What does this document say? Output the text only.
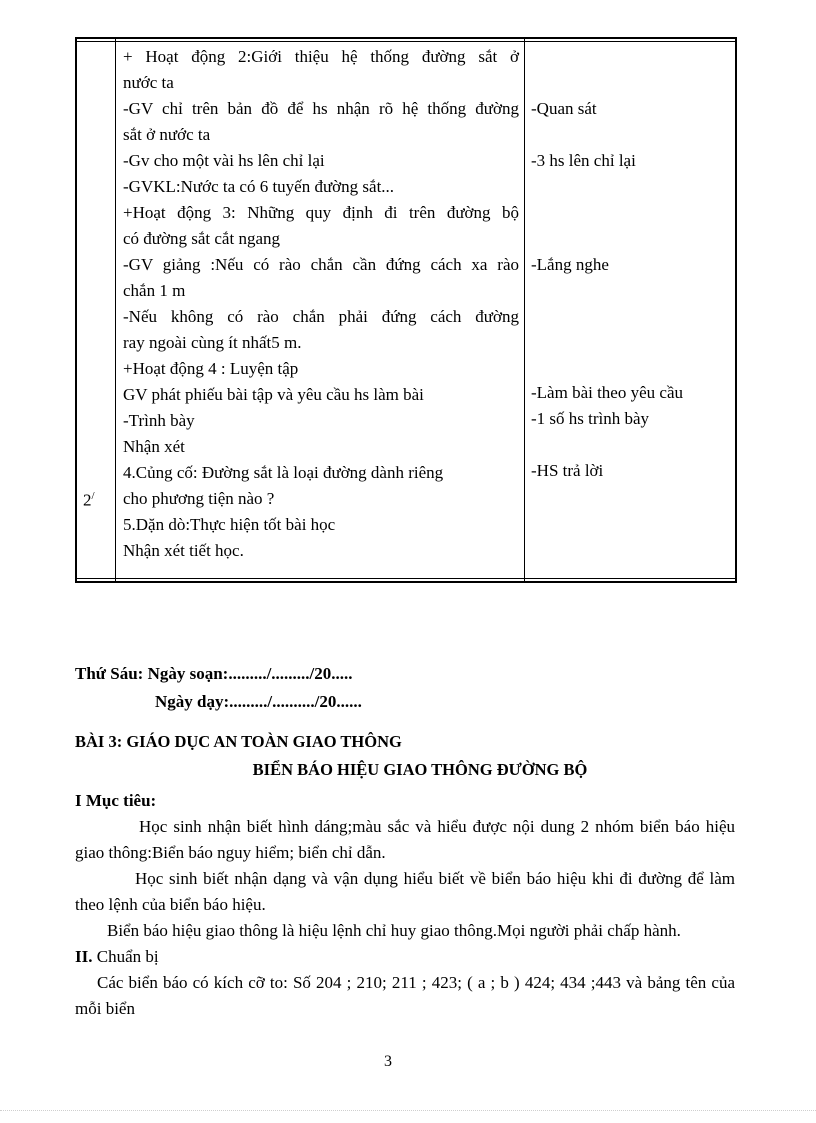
2/

+ Hoạt động 2:Giới thiệu hệ thống đường sắt ở

nước ta

-GV chỉ trên bản đồ để hs nhận rõ hệ thống đường

sắt ở nước ta

-Gv cho một vài hs lên chỉ lại

-GVKL:Nước ta có 6 tuyến đường sắt...

+Hoạt động 3: Những quy định đi trên đường bộ

có đường sắt cắt ngang

-GV giảng :Nếu có rào chắn cần đứng cách xa rào

chắn 1 m

-Nếu không có rào chắn phải đứng cách đường

ray ngoài cùng ít nhất5 m.

+Hoạt động 4 : Luyện tập

GV phát phiếu bài tập và yêu cầu hs làm bài

-Trình bày

Nhận xét

4.Củng cố: Đường sắt là loại đường dành riêng

cho phương tiện nào ?

5.Dặn dò:Thực hiện tốt bài học

Nhận xét tiết học.

-Quan sát

-3 hs lên chỉ lại

-Lắng nghe

-Làm bài theo yêu cầu

-1 số hs trình bày

-HS trả lời

Thứ Sáu: Ngày soạn:........./........./20.....
Ngày dạy:........./........../20......
BÀI 3: GIÁO DỤC AN TOÀN GIAO THÔNG
BIỂN BÁO HIỆU GIAO THÔNG ĐƯỜNG BỘ

I Mục tiêu:

Học sinh nhận biết hình dáng;màu sắc và hiểu được nội dung 2 nhóm biển báo hiệu giao thông:Biển báo nguy hiểm; biển chỉ dẫn.

Học sinh biết nhận dạng và vận dụng hiểu biết về biển báo hiệu khi đi đường để làm theo lệnh của biển báo hiệu.

Biển báo hiệu giao thông là hiệu lệnh chỉ huy giao thông.Mọi người phải chấp hành.

II. Chuẩn bị

Các biển báo có kích cỡ to: Số 204 ; 210; 211 ; 423; ( a ; b ) 424; 434 ;443 và bảng tên của mỗi biển

3
